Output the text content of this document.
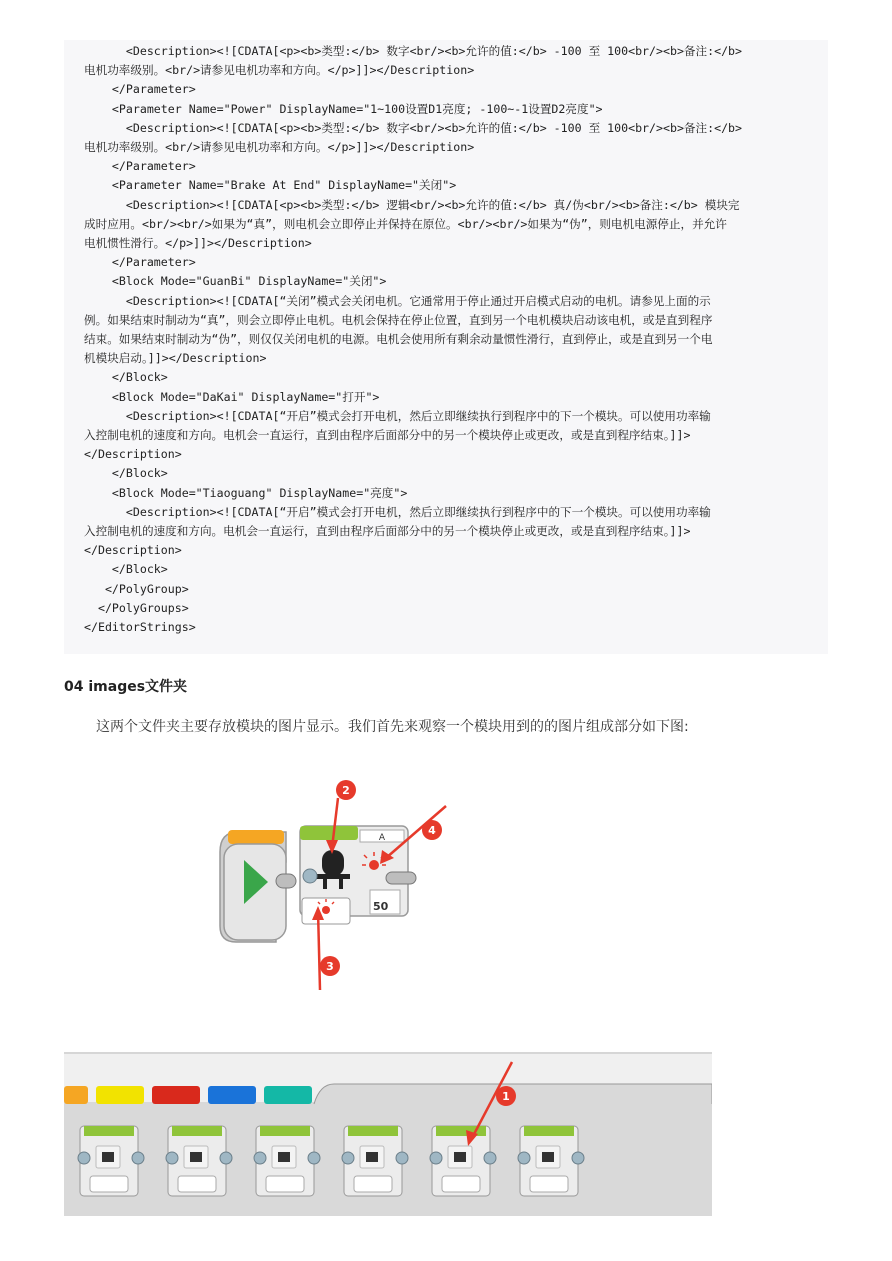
<Description><![CDATA[<p><b>类型:</b> 数字<br/><b>允许的值:</b> -100 至 100<br/><b>备注:</b>
电机功率级别。<br/>请参见电机功率和方向。</p>]]></Description>
</Parameter>
<Parameter Name="Power" DisplayName="1~100设置D1亮度; -100~-1设置D2亮度">
<Description><![CDATA[<p><b>类型:</b> 数字<br/><b>允许的值:</b> -100 至 100<br/><b>备注:</b>
电机功率级别。<br/>请参见电机功率和方向。</p>]]></Description>
</Parameter>
<Parameter Name="Brake At End" DisplayName="关闭">
<Description><![CDATA[<p><b>类型:</b> 逻辑<br/><b>允许的值:</b> 真/伪<br/><b>备注:</b> 模块完
成时应用。<br/><br/>如果为“真”，则电机会立即停止并保持在原位。<br/><br/>如果为“伪”，则电机电源停止，并允许
电机惯性滑行。</p>]]></Description>
</Parameter>
<Block Mode="GuanBi" DisplayName="关闭">
<Description><![CDATA[“关闭”模式会关闭电机。它通常用于停止通过开启模式启动的电机。请参见上面的示
例。如果结束时制动为“真”，则会立即停止电机。电机会保持在停止位置，直到另一个电机模块启动该电机，或是直到程序
结束。如果结束时制动为“伪”，则仅仅关闭电机的电源。电机会使用所有剩余动量惯性滑行，直到停止，或是直到另一个电
机模块启动。]]></Description>
</Block>
<Block Mode="DaKai" DisplayName="打开">
<Description><![CDATA[“开启”模式会打开电机，然后立即继续执行到程序中的下一个模块。可以使用功率输
入控制电机的速度和方向。电机会一直运行，直到由程序后面部分中的另一个模块停止或更改，或是直到程序结束。]]>
</Description>
</Block>
<Block Mode="Tiaoguang" DisplayName="亮度">
<Description><![CDATA[“开启”模式会打开电机，然后立即继续执行到程序中的下一个模块。可以使用功率输
入控制电机的速度和方向。电机会一直运行，直到由程序后面部分中的另一个模块停止或更改，或是直到程序结束。]]>
</Description>
</Block>
</PolyGroup>
</PolyGroups>
</EditorStrings>
04 images文件夹
这两个文件夹主要存放模块的图片显示。我们首先来观察一个模块用到的的图片组成部分如下图:
A
50
2
3
4
1
